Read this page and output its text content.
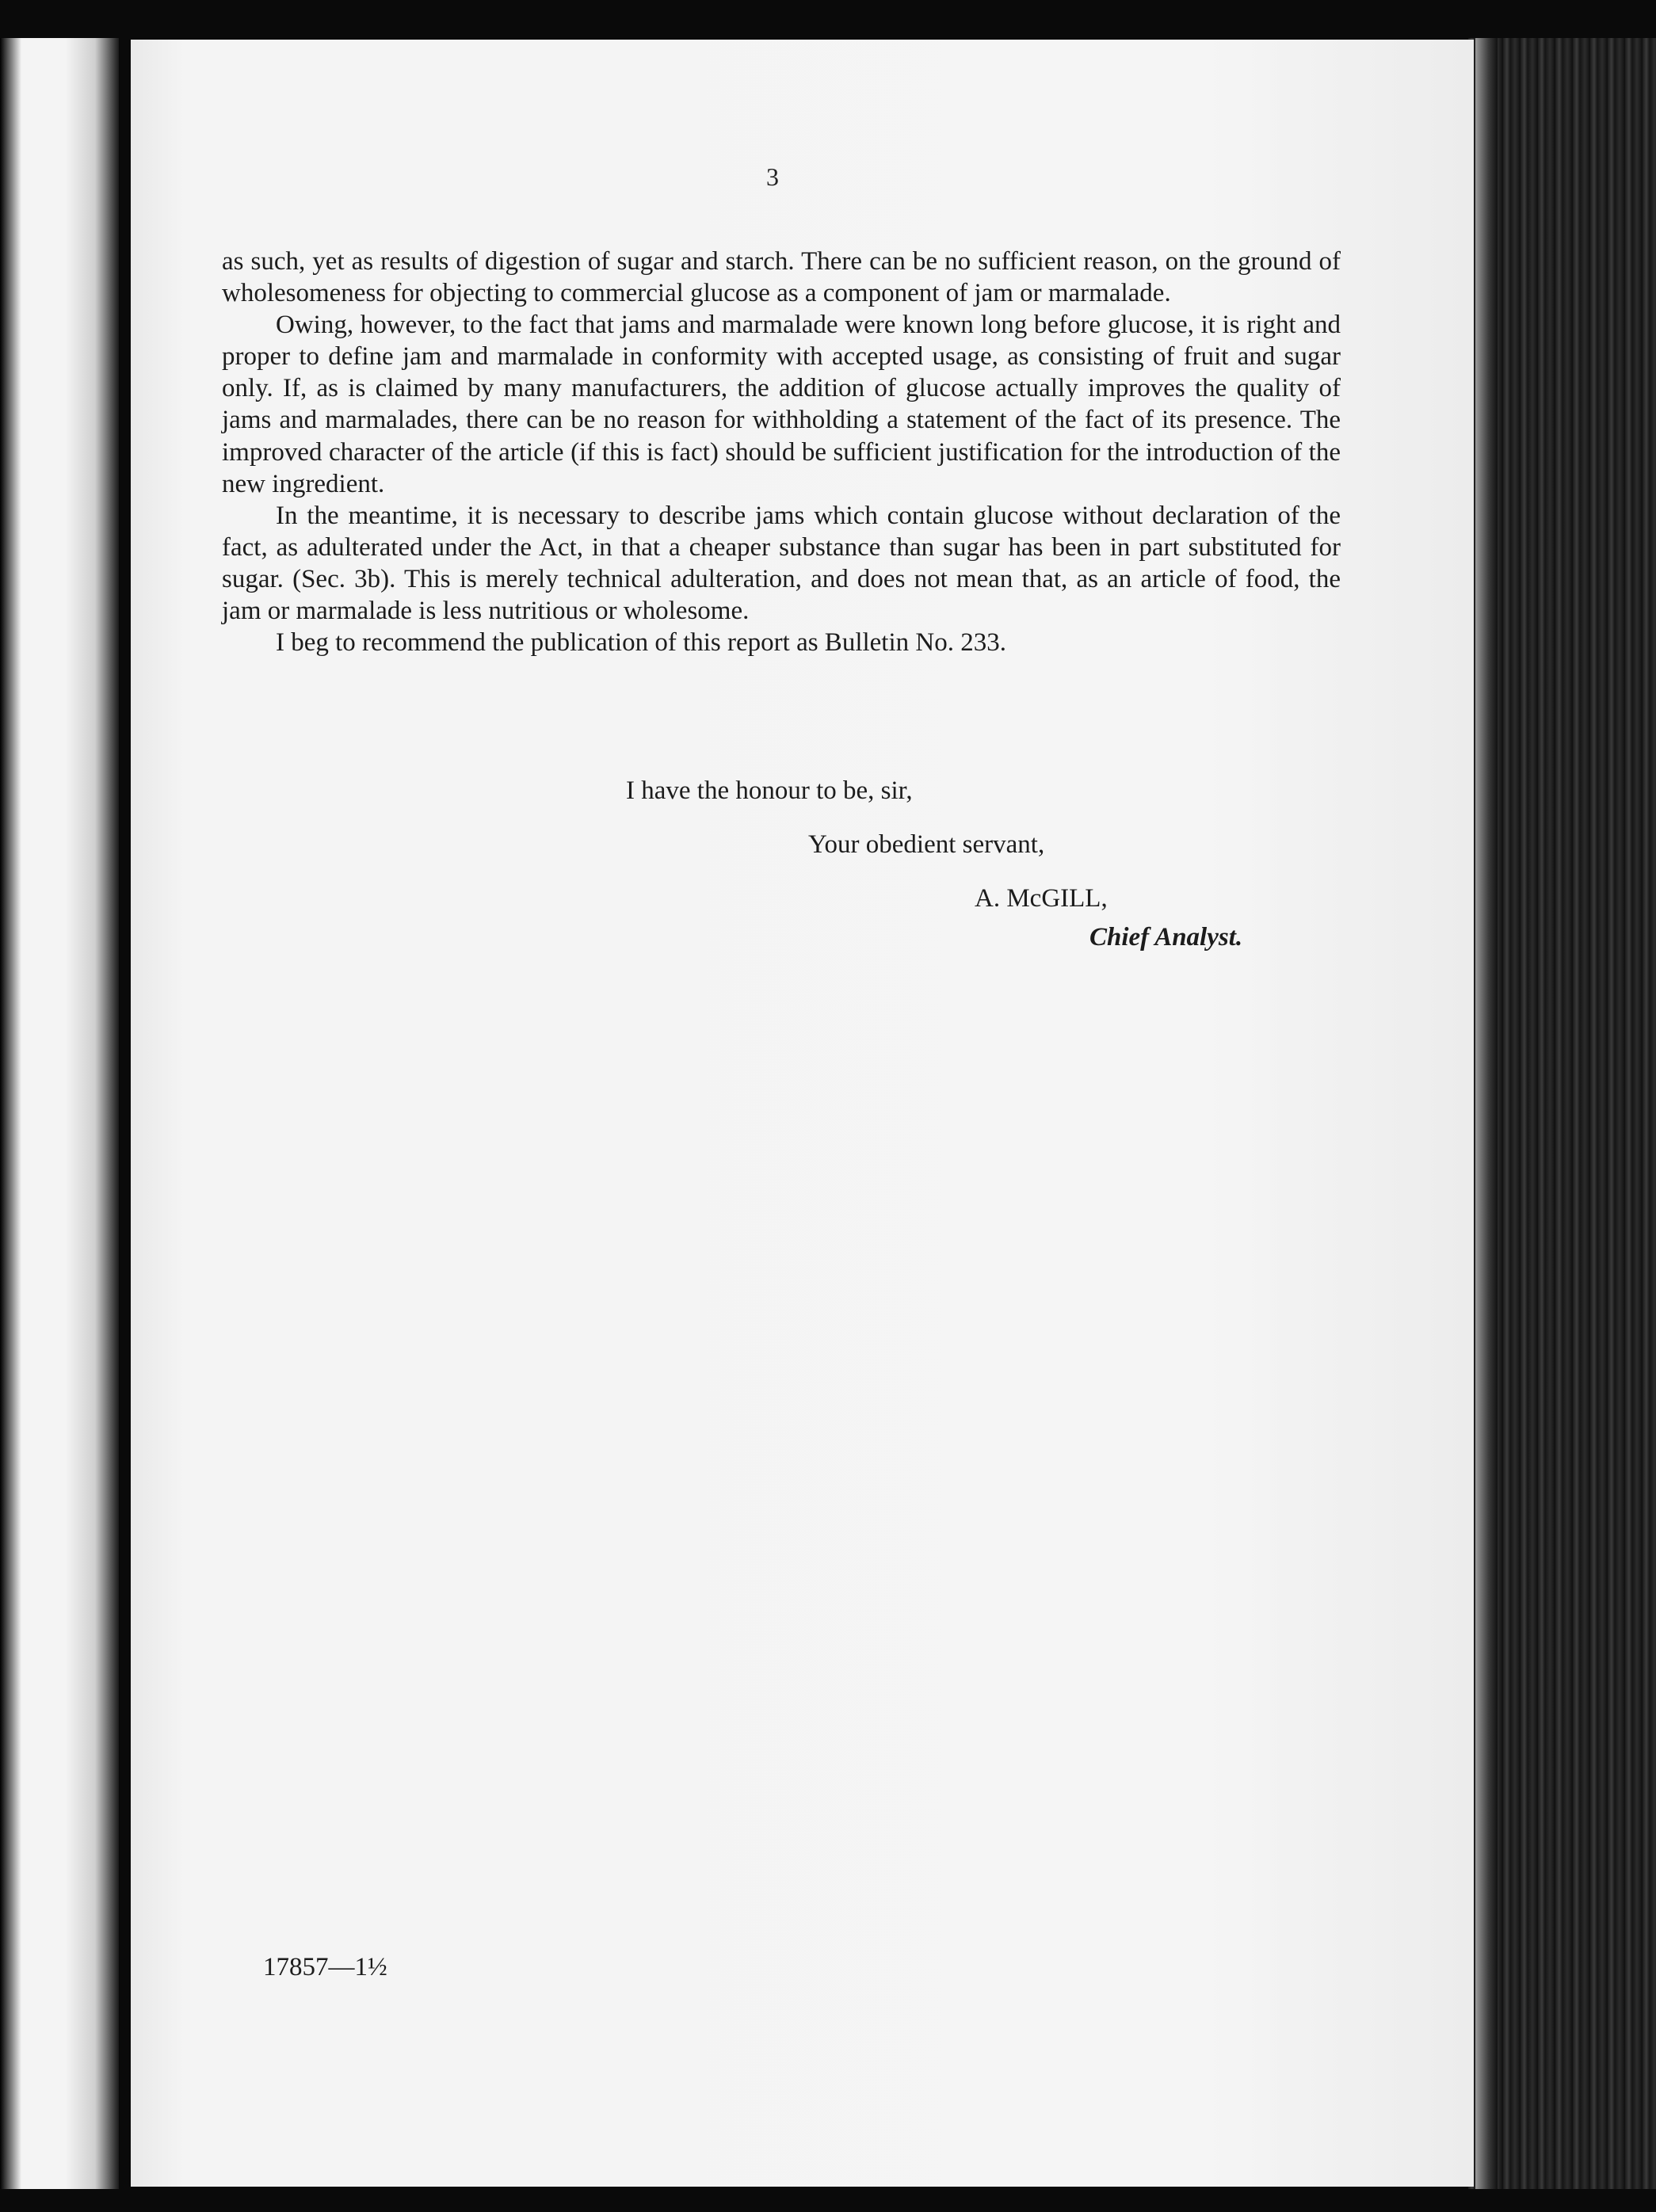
3

as such, yet as results of digestion of sugar and starch. There can be no sufficient reason, on the ground of wholesomeness for objecting to commercial glucose as a component of jam or marmalade.

Owing, however, to the fact that jams and marmalade were known long before glucose, it is right and proper to define jam and marmalade in conformity with accepted usage, as consisting of fruit and sugar only. If, as is claimed by many manufacturers, the addition of glucose actually improves the quality of jams and marmalades, there can be no reason for withholding a statement of the fact of its presence. The improved character of the article (if this is fact) should be sufficient justification for the introduction of the new ingredient.

In the meantime, it is necessary to describe jams which contain glucose without declaration of the fact, as adulterated under the Act, in that a cheaper substance than sugar has been in part substituted for sugar. (Sec. 3b). This is merely technical adulteration, and does not mean that, as an article of food, the jam or marmalade is less nutritious or wholesome.

I beg to recommend the publication of this report as Bulletin No. 233.

I have the honour to be, sir,
Your obedient servant,
A. McGILL,
Chief Analyst.
17857—1½
